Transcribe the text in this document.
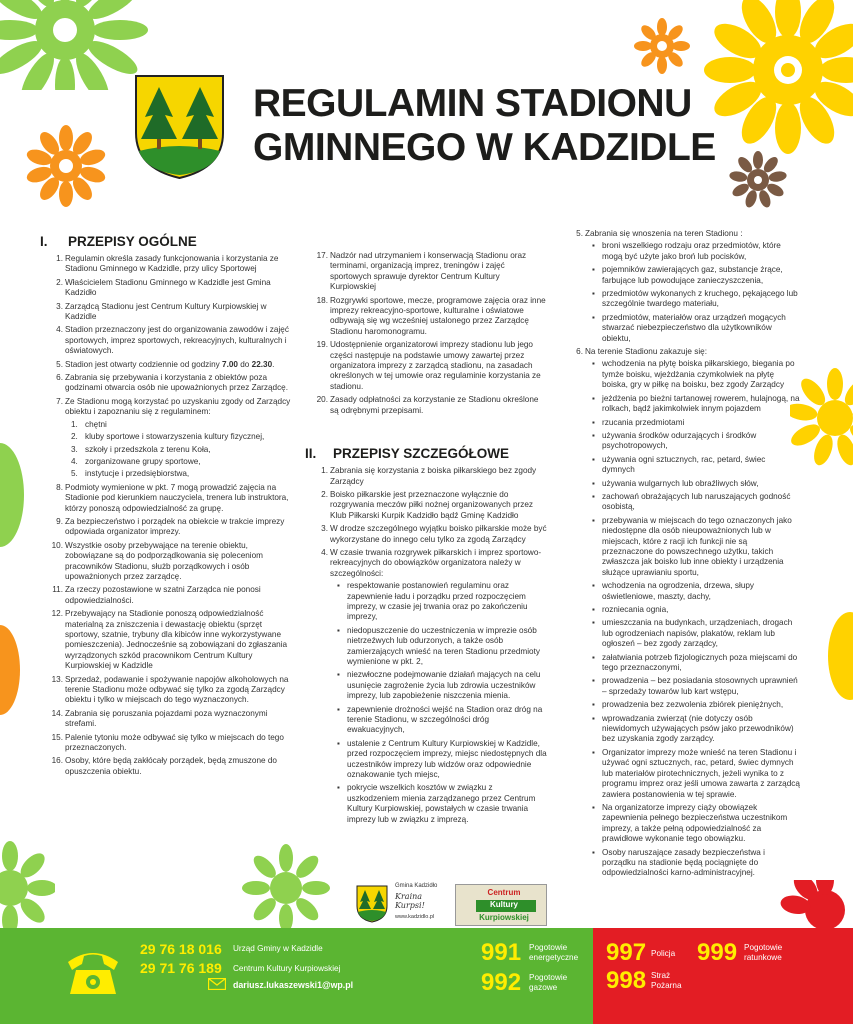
REGULAMIN STADIONU
GMINNEGO W KADZIDLE
I. PRZEPISY OGÓLNE
1. Regulamin określa zasady funkcjonowania i korzystania ze Stadionu Gminnego w Kadzidle, przy ulicy Sportowej
2. Właścicielem Stadionu Gminnego w Kadzidle jest Gmina Kadzidło
3. Zarządcą Stadionu jest Centrum Kultury Kurpiowskiej w Kadzidle
4. Stadion przeznaczony jest do organizowania zawodów i zajęć sportowych, imprez sportowych, rekreacyjnych, kulturalnych i oświatowych.
5. Stadion jest otwarty codziennie od godziny 7.00 do 22.30.
6. Zabrania się przebywania i korzystania z obiektów poza godzinami otwarcia osób nie upoważnionych przez Zarządcę.
7. Ze Stadionu mogą korzystać po uzyskaniu zgody od Zarządcy obiektu i zapoznaniu się z regulaminem:
1. chętni
2. kluby sportowe i stowarzyszenia kultury fizycznej,
3. szkoły i przedszkola z terenu Koła,
4. zorganizowane grupy sportowe,
5. instytucje i przedsiębiorstwa,
8. Podmioty wymienione w pkt. 7 mogą prowadzić zajęcia na Stadionie pod kierunkiem nauczyciela, trenera lub instruktora, którzy ponoszą odpowiedzialność za grupę.
9. Za bezpieczeństwo i porządek na obiekcie w trakcie imprezy odpowiada organizator imprezy.
10. Wszystkie osoby przebywające na terenie obiektu, zobowiązane są do podporządkowania się poleceniom pracowników Stadionu, służb porządkowych i osób upoważnionych przez zarządcę.
11. Za rzeczy pozostawione w szatni Zarządca nie ponosi odpowiedzialności.
12. Przebywający na Stadionie ponoszą odpowiedzialność materialną za zniszczenia i dewastację obiektu (sprzęt sportowy, szatnie, trybuny dla kibiców inne wykorzystywane pomieszczenia). Jednocześnie są zobowiązani do zgłaszania wyrządzonych szkód pracownikom Centrum Kultury Kurpiowskiej w Kadzidle
13. Sprzedaż, podawanie i spożywanie napojów alkoholowych na terenie Stadionu może odbywać się tylko za zgodą Zarządcy obiektu i tylko w miejscach do tego wyznaczonych.
14. Zabrania się poruszania pojazdami poza wyznaczonymi strefami.
15. Palenie tytoniu może odbywać się tylko w miejscach do tego przeznaczonych.
16. Osoby, które będą zakłócały porządek, będą zmuszone do opuszczenia obiektu.
17. Nadzór nad utrzymaniem i konserwacją Stadionu oraz terminami, organizacją imprez, treningów i zajęć sportowych sprawuje dyrektor Centrum Kultury Kurpiowskiej
18. Rozgrywki sportowe, mecze, programowe zajęcia oraz inne imprezy rekreacyjno-sportowe, kulturalne i oświatowe odbywają się wg wcześniej ustalonego przez Zarządcę Stadionu haromonogramu.
19. Udostępnienie organizatorowi imprezy stadionu lub jego części następuje na podstawie umowy zawartej przez organizatora imprezy z zarządcą stadionu, na zasadach określonych w tej umowie oraz regulaminie korzystania ze stadionu.
20. Zasady odpłatności za korzystanie ze Stadionu określone są odrębnymi przepisami.
II. PRZEPISY SZCZEGÓŁOWE
1. Zabrania się korzystania z boiska piłkarskiego bez zgody Zarządcy
2. Boisko piłkarskie jest przeznaczone wyłącznie do rozgrywania meczów piłki nożnej organizowanych przez Klub Piłkarski Kurpik Kadzidło bądź Gminę Kadzidło
3. W drodze szczególnego wyjątku boisko piłkarskie może być wykorzystane do innego celu tylko za zgodą Zarządcy
4. W czasie trwania rozgrywek piłkarskich i imprez sportowo-rekreacyjnych do obowiązków organizatora należy w szczególności:
▪ respektowanie postanowień regulaminu oraz zapewnienie ładu i porządku przed rozpoczęciem imprezy, w czasie jej trwania oraz po zakończeniu imprezy,
▪ niedopuszczenie do uczestniczenia w imprezie osób nietrzeźwych lub odurzonych, a także osób zamierzających wnieść na teren Stadionu przedmioty wymienione w pkt. 2,
▪ niezwłoczne podejmowanie działań mających na celu usunięcie zagrożenie życia lub zdrowia uczestników imprezy, lub zapobieżenie niszczenia mienia.
▪ zapewnienie drożności wejść na Stadion oraz dróg na terenie Stadionu, w szczególności dróg ewakuacyjnych,
▪ ustalenie z Centrum Kultury Kurpiowskiej w Kadzidle, przed rozpoczęciem imprezy, miejsc niedostępnych dla uczestników imprezy lub widzów oraz odpowiednie oznakowanie tych miejsc,
▪ pokrycie wszelkich kosztów w związku z uszkodzeniem mienia zarządzanego przez Centrum Kultury Kurpiowskiej, powstałych w czasie trwania imprezy lub w związku z imprezą.
5. Zabrania się wnoszenia na teren Stadionu :
▪ broni wszelkiego rodzaju oraz przedmiotów, które mogą być użyte jako broń lub pocisków,
▪ pojemników zawierających gaz, substancje żrące, farbujące lub powodujące zanieczyszczenia,
▪ przedmiotów wykonanych z kruchego, pękającego lub szczególnie twardego materiału,
▪ przedmiotów, materiałów oraz urządzeń mogących stwarzać niebezpieczeństwo dla użytkowników obiektu,
6. Na terenie Stadionu zakazuje się:
▪ wchodzenia na płytę boiska piłkarskiego, biegania po tymże boisku, wjeżdżania czymkolwiek na płytę boiska, gry w piłkę na boisku, bez zgody Zarządcy
▪ jeżdżenia po bieżni tartanowej rowerem, hulajnogą, na rolkach, bądź jakimkolwiek innym pojazdem
▪ rzucania przedmiotami
▪ używania środków odurzających i środków psychotropowych,
▪ używania ogni sztucznych, rac, petard, świec dymnych
▪ używania wulgarnych lub obraźliwych słów,
▪ zachowań obrażających lub naruszających godność osobistą,
▪ przebywania w miejscach do tego oznaczonych jako niedostępne dla osób nieupoważnionych lub w miejscach, które z racji ich funkcji nie są przeznaczone do powszechnego użytku, takich zwłaszcza jak boisko lub inne obiekty i urządzenia służące uprawianiu sportu,
▪ wchodzenia na ogrodzenia, drzewa, słupy oświetleniowe, maszty, dachy,
▪ rozniecania ognia,
▪ umieszczania na budynkach, urządzeniach, drogach lub ogrodzeniach napisów, plakatów, reklam lub ogłoszeń – bez zgody zarządcy,
▪ załatwiania potrzeb fizjologicznych poza miejscami do tego przeznaczonymi,
▪ prowadzenia – bez posiadania stosownych uprawnień – sprzedaży towarów lub kart wstępu,
▪ prowadzenia bez zezwolenia zbiórek pieniężnych,
▪ wprowadzania zwierząt (nie dotyczy osób niewidomych używających psów jako przewodników) bez uzyskania zgody zarządcy.
▪ Organizator imprezy może wnieść na teren Stadionu i używać ogni sztucznych, rac, petard, świec dymnych lub materiałów pirotechnicznych, jeżeli wynika to z programu imprez oraz jeśli umowa zawarta z zarządcą zawiera postanowienia w tej sprawie.
▪ Na organizatorze imprezy ciąży obowiązek zapewnienia pełnego bezpieczeństwa uczestnikom imprezy, a także pełną odpowiedzialność za prawidłowe wykonanie tego obowiązku.
▪ Osoby naruszające zasady bezpieczeństwa i porządku na stadionie będą pociągnięte do odpowiedzialności karno-administracyjnej.
Gmina Kadzidło
Kraina
Kurpsi!
www.kadzidlo.pl
Centrum
Kultury
Kurpiowskiej
29 76 18 016 Urząd Gminy w Kadzidle
29 71 76 189 Centrum Kultury Kurpiowskiej
dariusz.lukaszewski1@wp.pl
991 Pogotowie
energetyczne
992 Pogotowie
gazowe
997 Policja
998 Straż
Pożarna
999 Pogotowie
ratunkowe
